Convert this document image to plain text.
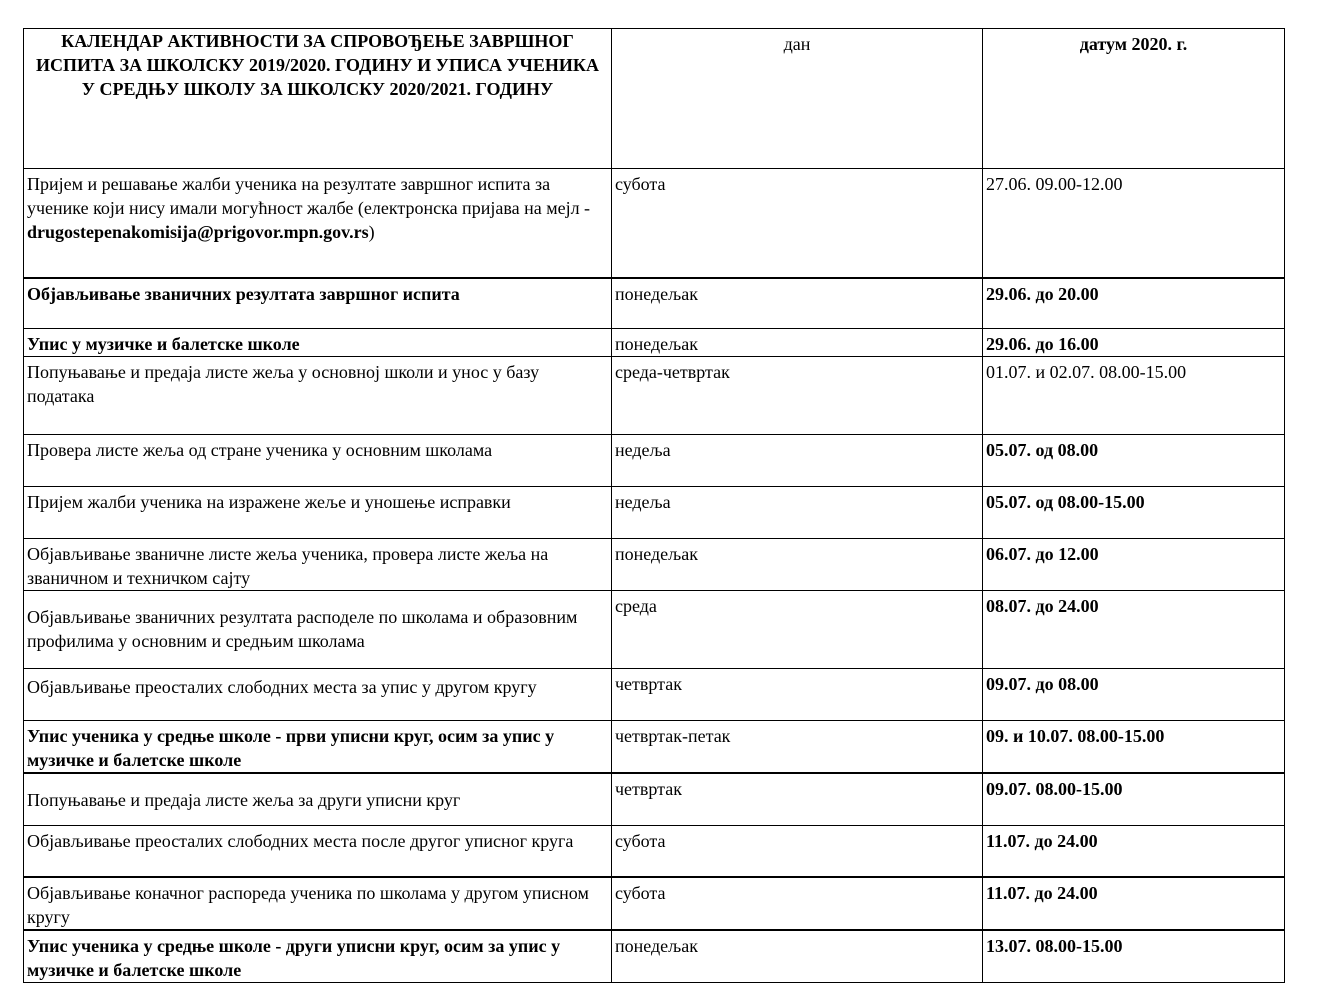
КАЛЕНДАР АКТИВНОСТИ ЗА СПРОВОЂЕЊЕ ЗАВРШНОГ ИСПИТА ЗА ШКОЛСКУ 2019/2020. ГОДИНУ И УПИСА УЧЕНИКА У СРЕДЊУ ШКОЛУ ЗА ШКОЛСКУ 2020/2021. ГОДИНУ	дан	датум 2020. г.
Пријем и решавање жалби ученика на резултате завршног испита за ученике који нису имали могућност жалбе (електронска пријава на мејл -
drugostepenakomisija@prigovor.mpn.gov.rs)	субота	27.06. 09.00-12.00
Објављивање званичних резултата завршног испита	понедељак	29.06. до 20.00
Упис у музичке и балетске школе	понедељак	29.06. до 16.00
Попуњавање и предаја листе жеља у основној школи и унос у базу података	среда-четвртак	01.07. и 02.07. 08.00-15.00
Провера листе жеља од стране ученика у основним школама	недеља	05.07. од 08.00
Пријем жалби ученика на изражене жеље и уношење исправки	недеља	05.07. од 08.00-15.00
Објављивање званичне листе жеља ученика, провера листе жеља на званичном и техничком сајту	понедељак	06.07. до 12.00
Објављивање званичних резултата расподеле по школама и образовним профилима у основним и средњим школама	среда	08.07. до 24.00
Објављивање преосталих слободних места за упис у другом кругу	четвртак	09.07. до 08.00
Упис ученика у средње школе - први уписни круг, осим за упис у музичке и балетске школе	четвртак-петак	09. и 10.07. 08.00-15.00
Попуњавање и предаја листе жеља за други уписни круг	четвртак	09.07. 08.00-15.00
Објављивање преосталих слободних места после другог уписног круга	субота	11.07. до 24.00
Објављивање коначног распореда ученика по школама у другом уписном кругу	субота	11.07. до 24.00
Упис ученика у средње школе - други уписни круг, осим за упис у музичке и балетске школе	понедељак	13.07. 08.00-15.00
